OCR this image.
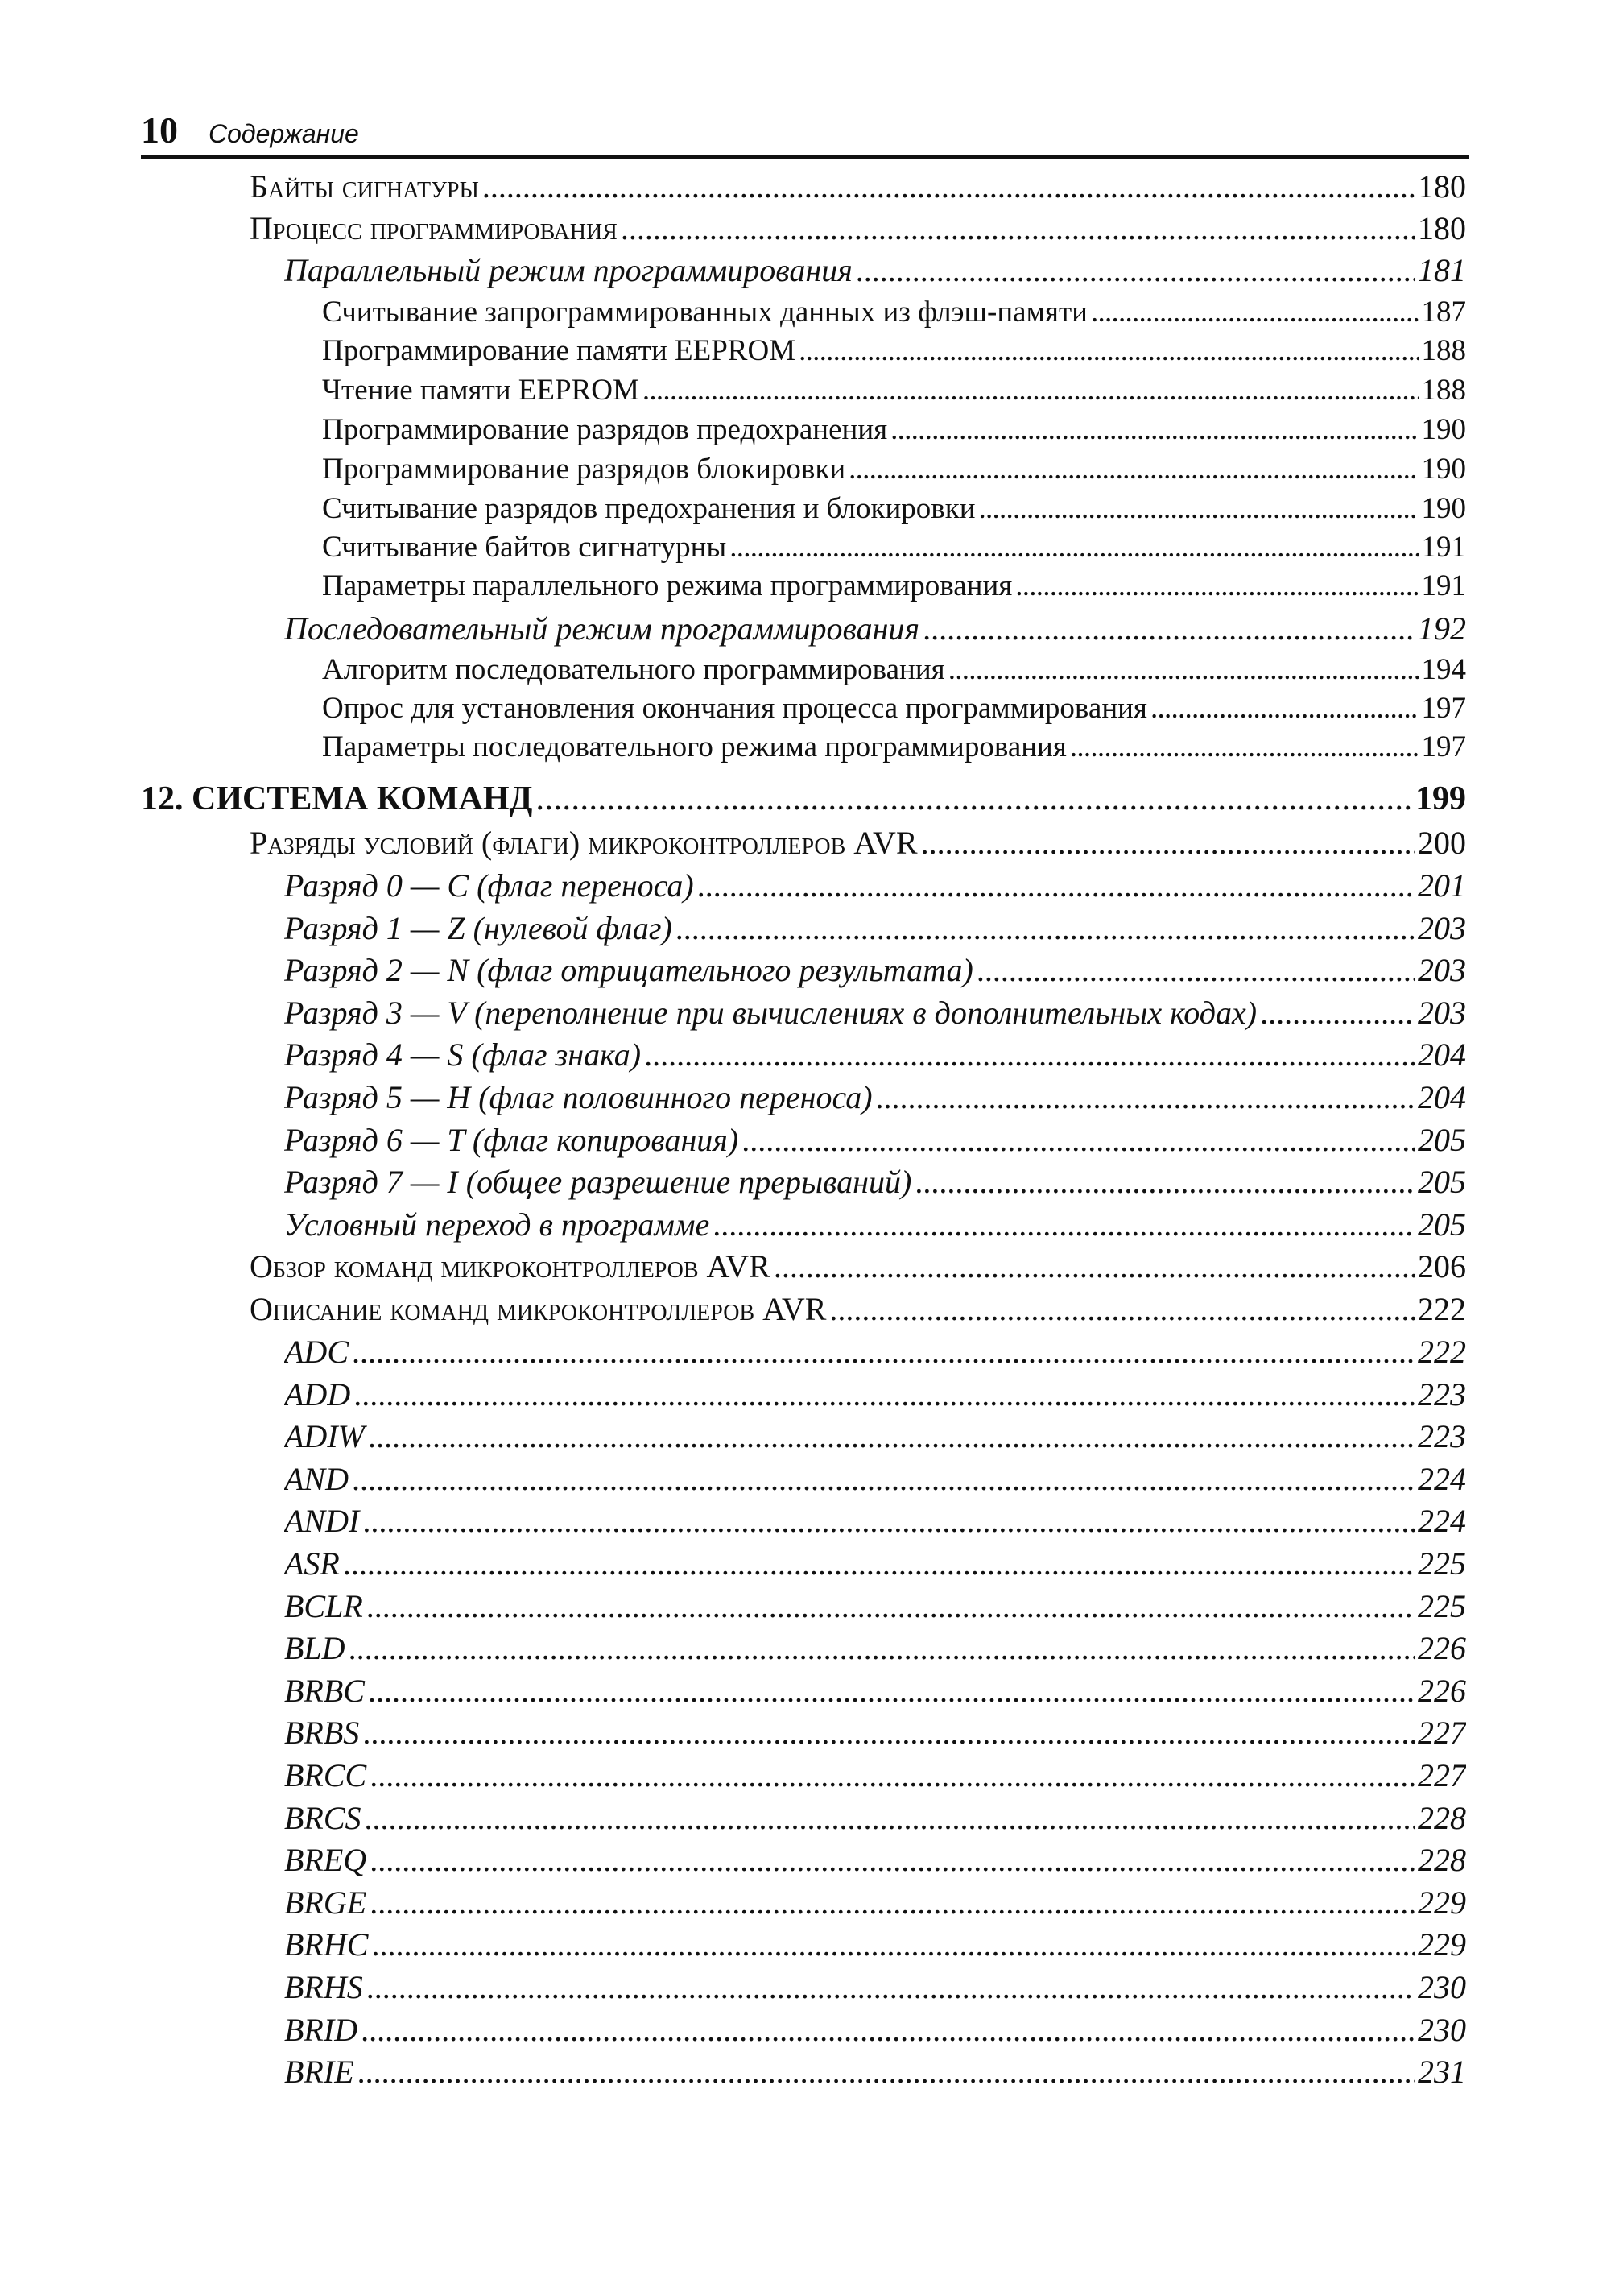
10 Содержание
Байты сигнатуры . . .	180
Процесс программирования . . .	180
Параллельный режим программирования . . .	181
Считывание запрограммированных данных из флэш-памяти . . .	187
Программирование памяти EEPROM . . .	188
Чтение памяти EEPROM . . .	188
Программирование разрядов предохранения . . .	190
Программирование разрядов блокировки . . .	190
Считывание разрядов предохранения и блокировки . . .	190
Считывание байтов сигнатурны . . .	191
Параметры параллельного режима программирования . . .	191
Последовательный режим программирования . . .	192
Алгоритм последовательного программирования . . .	194
Опрос для установления окончания процесса программирования . . .	197
Параметры последовательного режима программирования . . .	197
12. СИСТЕМА КОМАНД . . .	199
Разряды условий (флаги) микроконтроллеров AVR . . .	200
Разряд 0 — C (флаг переноса) . . .	201
Разряд 1 — Z (нулевой флаг) . . .	203
Разряд 2 — N (флаг отрицательного результата) . . .	203
Разряд 3 — V (переполнение при вычислениях в дополнительных кодах) . . .	203
Разряд 4 — S (флаг знака) . . .	204
Разряд 5 — H (флаг половинного переноса) . . .	204
Разряд 6 — T (флаг копирования) . . .	205
Разряд 7 — I (общее разрешение прерываний) . . .	205
Условный переход в программе . . .	205
Обзор команд микроконтроллеров AVR . . .	206
Описание команд микроконтроллеров AVR . . .	222
ADC . . .	222
ADD . . .	223
ADIW . . .	223
AND . . .	224
ANDI . . .	224
ASR . . .	225
BCLR . . .	225
BLD . . .	226
BRBC . . .	226
BRBS . . .	227
BRCC . . .	227
BRCS . . .	228
BREQ . . .	228
BRGE . . .	229
BRHC . . .	229
BRHS . . .	230
BRID . . .	230
BRIE . . .	231
